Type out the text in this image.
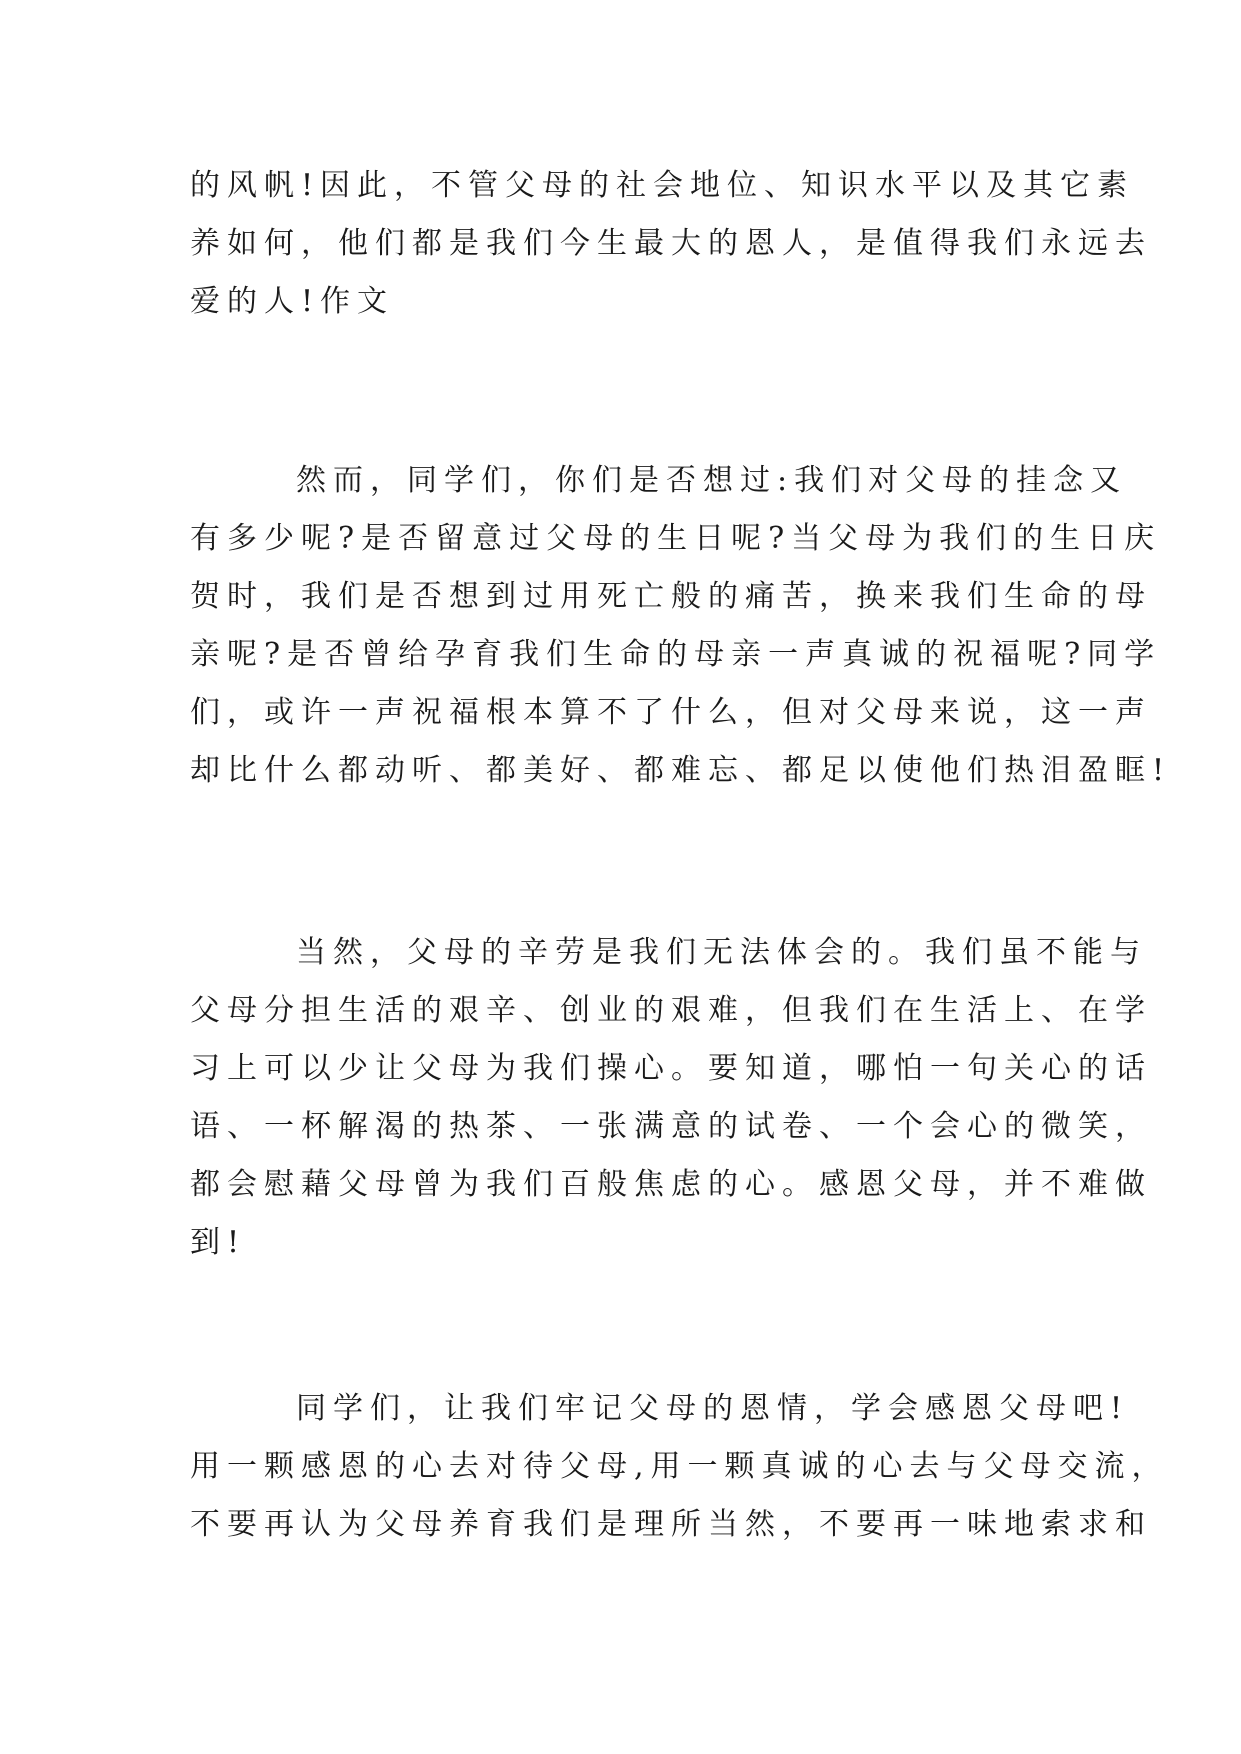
的风帆!因此，不管父母的社会地位、知识水平以及其它素
养如何，他们都是我们今生最大的恩人，是值得我们永远去
爱的人!作文
然而，同学们，你们是否想过:我们对父母的挂念又
有多少呢?是否留意过父母的生日呢?当父母为我们的生日庆
贺时，我们是否想到过用死亡般的痛苦，换来我们生命的母
亲呢?是否曾给孕育我们生命的母亲一声真诚的祝福呢?同学
们，或许一声祝福根本算不了什么，但对父母来说，这一声
却比什么都动听、都美好、都难忘、都足以使他们热泪盈眶!
当然，父母的辛劳是我们无法体会的。我们虽不能与
父母分担生活的艰辛、创业的艰难，但我们在生活上、在学
习上可以少让父母为我们操心。要知道，哪怕一句关心的话
语、一杯解渴的热茶、一张满意的试卷、一个会心的微笑，
都会慰藉父母曾为我们百般焦虑的心。感恩父母，并不难做
到!
同学们，让我们牢记父母的恩情，学会感恩父母吧!
用一颗感恩的心去对待父母,用一颗真诚的心去与父母交流，
不要再认为父母养育我们是理所当然，不要再一味地索求和
